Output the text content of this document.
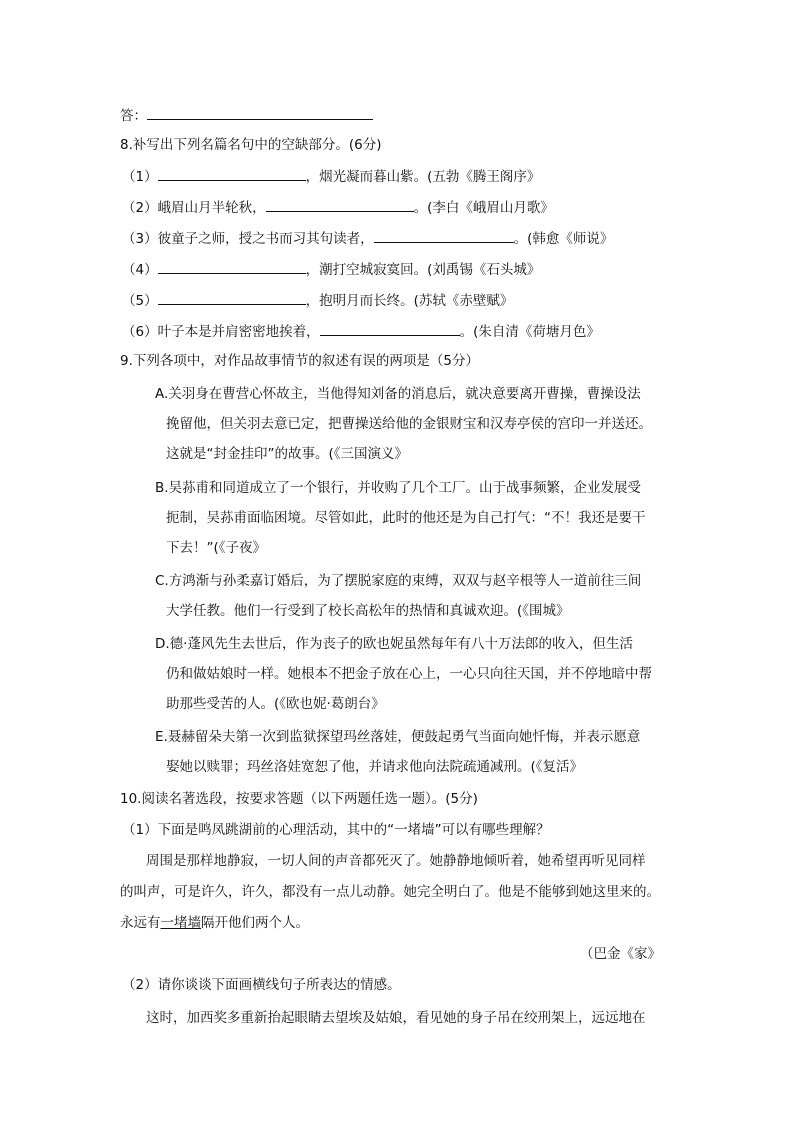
答：
8.补写出下列名篇名句中的空缺部分。(6分)
（1）	，烟光凝而暮山紫。(五勃《腾王阁序》
（2）峨眉山月半轮秋，	。(李白《峨眉山月歌》
（3）彼童子之师，授之书而习其句读者，	。(韩愈《师说》
（4）	，潮打空城寂寞回。(刘禹锡《石头城》
（5）	，抱明月而长终。(苏轼《赤壁赋》
（6）叶子本是并肩密密地挨着，	。(朱自清《荷塘月色》
9.下列各项中，对作品故事情节的叙述有误的两项是（5分）
A.关羽身在曹营心怀故主，当他得知刘备的消息后，就决意要离开曹操，曹操设法
挽留他，但关羽去意已定，把曹操送给他的金银财宝和汉寿亭侯的宫印一并送还。
这就是“封金挂印”的故事。(《三国演义》
B.吴荪甫和同道成立了一个银行，并收购了几个工厂。山于战事频繁，企业发展受
扼制，吴荪甫面临困境。尽管如此，此时的他还是为自己打气：“不！我还是要干
下去！”(《子夜》
C.方鸿渐与孙柔嘉订婚后，为了摆脱家庭的束缚，双双与赵辛根等人一道前往三间
大学任教。他们一行受到了校长高松年的热情和真诚欢迎。(《围城》
D.德·蓬风先生去世后，作为丧子的欧也妮虽然每年有八十万法郎的收入，但生活
仍和做姑娘时一样。她根本不把金子放在心上，一心只向往天国，并不停地暗中帮
助那些受苦的人。(《欧也妮·葛朗台》
E.聂赫留朵夫第一次到监狱探望玛丝落娃，便鼓起勇气当面向她忏悔，并表示愿意
娶她以赎罪；玛丝洛娃宽恕了他，并请求他向法院疏通减刑。(《复活》
10.阅读名著选段，按要求答题（以下两题任选一题）。(5分)
（1）下面是鸣凤跳湖前的心理活动，其中的“一堵墙”可以有哪些理解？
周围是那样地静寂，一切人间的声音都死灭了。她静静地倾听着，她希望再听见同样
的叫声，可是许久，许久，都没有一点儿动静。她完全明白了。他是不能够到她这里来的。
永远有一堵墙隔开他们两个人。
（巴金《家》
（2）请你谈谈下面画横线句子所表达的情感。
这时，加西奖多重新抬起眼睛去望埃及姑娘，看见她的身子吊在绞刑架上，远远地在
